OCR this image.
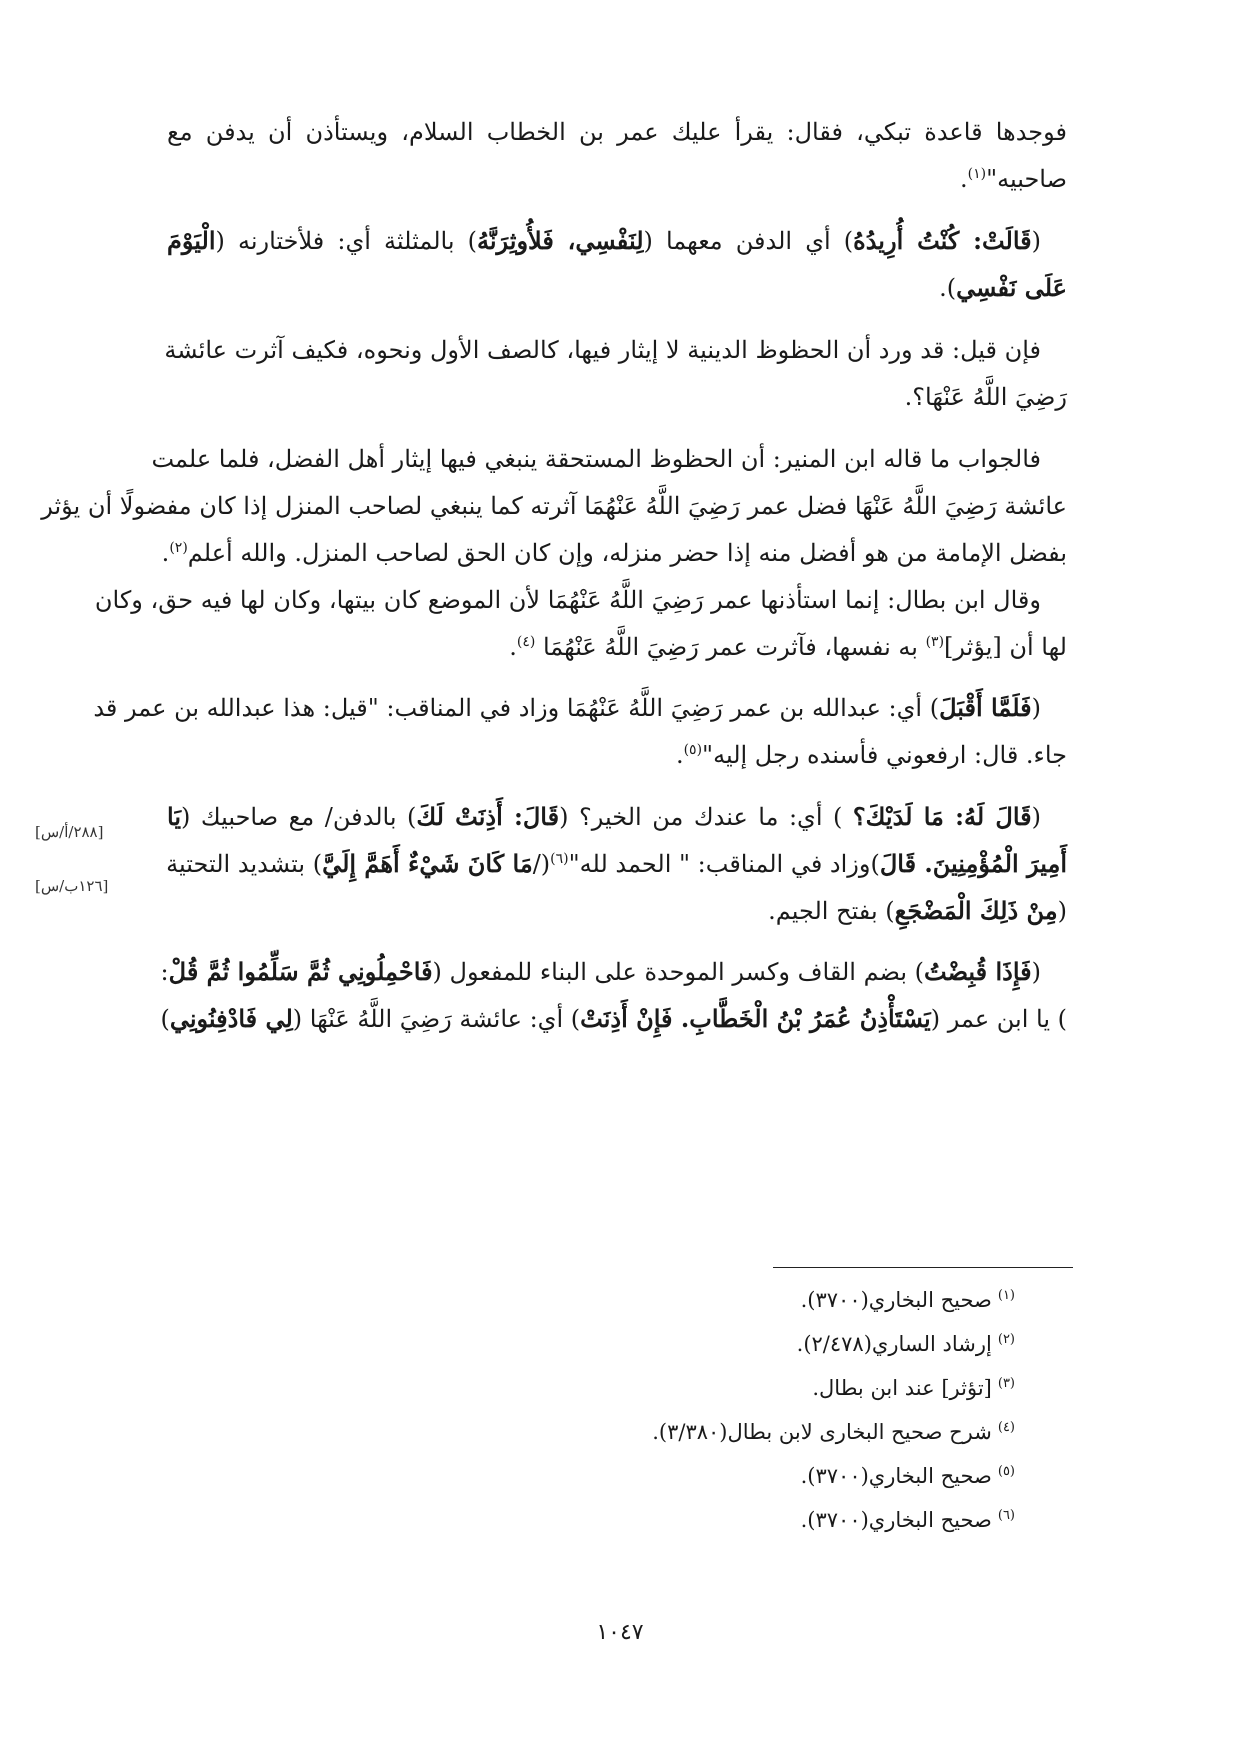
فوجدها قاعدة تبكي، فقال: يقرأ عليك عمر بن الخطاب السلام، ويستأذن أن يدفن مع
صاحبيه"$^{(١)}$.
(قَالَتْ: كُنْتُ أُرِيدُهُ) أي الدفن معهما (لِنَفْسِي، فَلأُوثِرَنَّهُ) بالمثلثة أي: فلأختارنه (الْيَوْمَ
عَلَى نَفْسِي).
فإن قيل: قد ورد أن الحظوظ الدينية لا إيثار فيها، كالصف الأول ونحوه، فكيف آثرت عائشة
رَضِيَ اللَّهُ عَنْهَا؟.
فالجواب ما قاله ابن المنير: أن الحظوظ المستحقة ينبغي فيها إيثار أهل الفضل، فلما علمت
عائشة رَضِيَ اللَّهُ عَنْهَا فضل عمر رَضِيَ اللَّهُ عَنْهُمَا آثرته كما ينبغي لصاحب المنزل إذا كان مفضولًا أن يؤثر
بفضل الإمامة من هو أفضل منه إذا حضر منزله، وإن كان الحق لصاحب المنزل. والله أعلم$^{(٢)}$.
وقال ابن بطال: إنما استأذنها عمر رَضِيَ اللَّهُ عَنْهُمَا لأن الموضع كان بيتها، وكان لها فيه حق، وكان
لها أن [يؤثر]$^{(٣)}$ به نفسها، فآثرت عمر رَضِيَ اللَّهُ عَنْهُمَا $^{(٤)}$.
(فَلَمَّا أَقْبَلَ) أي: عبدالله بن عمر رَضِيَ اللَّهُ عَنْهُمَا وزاد في المناقب: "قيل: هذا عبدالله بن عمر قد
جاء. قال: ارفعوني فأسنده رجل إليه"$^{(٥)}$.
(قَالَ لَهُ: مَا لَدَيْكَ؟ ) أي: ما عندك من الخير؟ (قَالَ: أَذِنَتْ لَكَ) بالدفن/ مع صاحبيك (يَا
أَمِيرَ الْمُؤْمِنِينَ. قَالَ)وزاد في المناقب: " الحمد لله"$^{(٦)}$(/مَا كَانَ شَيْءٌ أَهَمَّ إِلَيَّ) بتشديد التحتية
(مِنْ ذَلِكَ الْمَضْجَعِ) بفتح الجيم.
(فَإِذَا قُبِضْتُ) بضم القاف وكسر الموحدة على البناء للمفعول (فَاحْمِلُونِي ثُمَّ سَلِّمُوا ثُمَّ قُلْ:
) يا ابن عمر (يَسْتَأْذِنُ عُمَرُ بْنُ الْخَطَّابِ. فَإِنْ أَذِنَتْ) أي: عائشة رَضِيَ اللَّهُ عَنْهَا (لِي فَادْفِنُونِي)
[٢٨٨/أ/س]
[١٢٦ب/س]
$^{(١)}$صحيح البخاري(٣٧٠٠).
$^{(٢)}$إرشاد الساري(٢/٤٧٨).
$^{(٣)}$[تؤثر] عند ابن بطال.
$^{(٤)}$شرح صحيح البخارى لابن بطال(٣/٣٨٠).
$^{(٥)}$صحيح البخاري(٣٧٠٠).
$^{(٦)}$صحيح البخاري(٣٧٠٠).
١٠٤٧
